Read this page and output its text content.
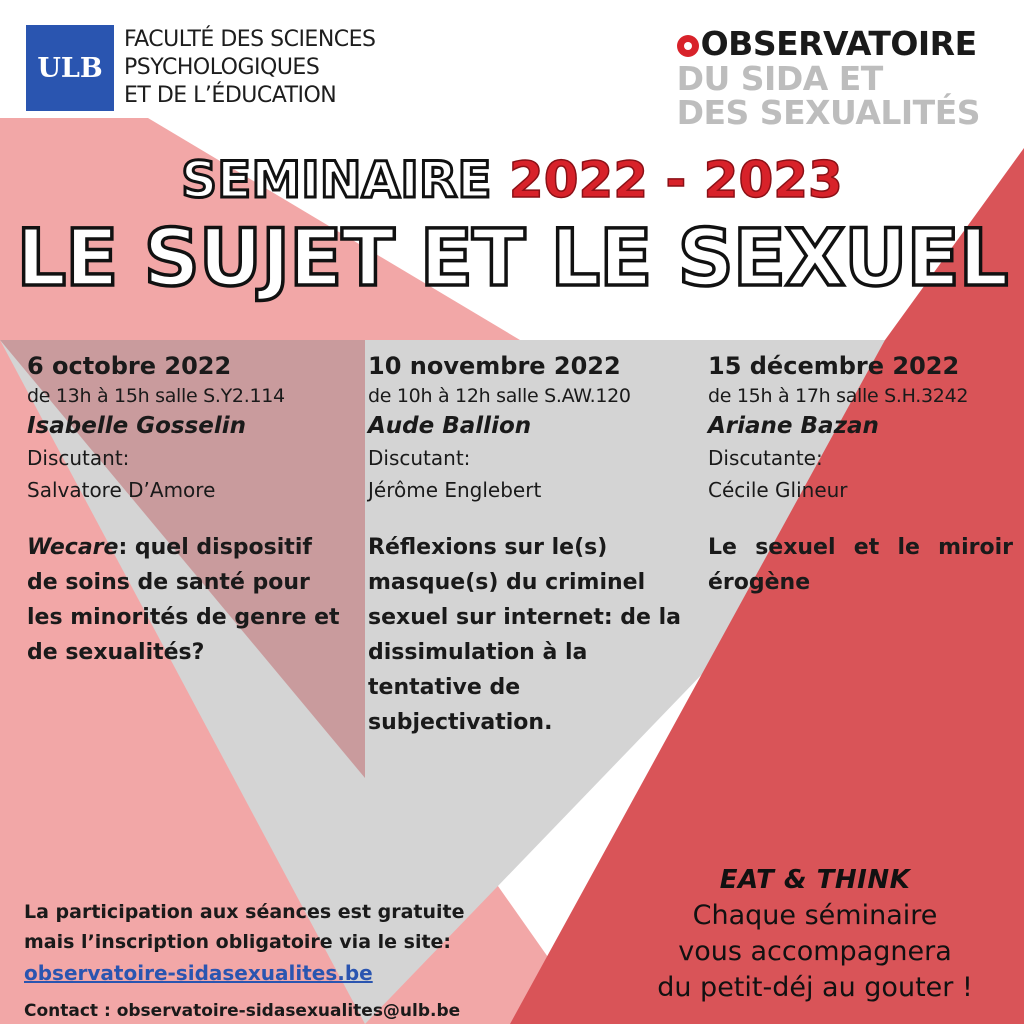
ULB
FACULTÉ DES SCIENCES
PSYCHOLOGIQUES
ET DE L’ÉDUCATION
OBSERVATOIRE
DU SIDA ET
DES SEXUALITÉS
SEMINAIRE 2022 - 2023
LE SUJET ET LE SEXUEL
6 octobre 2022
de 13h à 15h salle S.Y2.114
Isabelle Gosselin
Discutant:
Salvatore D’Amore
Wecare: quel dispositif de soins de santé pour les minorités de genre et de sexualités?
10 novembre 2022
de 10h à 12h salle S.AW.120
Aude Ballion
Discutant:
Jérôme Englebert
Réflexions sur le(s) masque(s) du criminel sexuel sur internet: de la dissimulation à la tentative de subjectivation.
15 décembre 2022
de 15h à 17h salle S.H.3242
Ariane Bazan
Discutante:
Cécile Glineur
Le sexuel et le miroir érogène
La participation aux séances est gratuite
mais l’inscription obligatoire via le site:
observatoire-sidasexualites.be
Contact : observatoire-sidasexualites@ulb.be
EAT & THINK
Chaque séminaire
vous accompagnera
du petit-déj au gouter !
